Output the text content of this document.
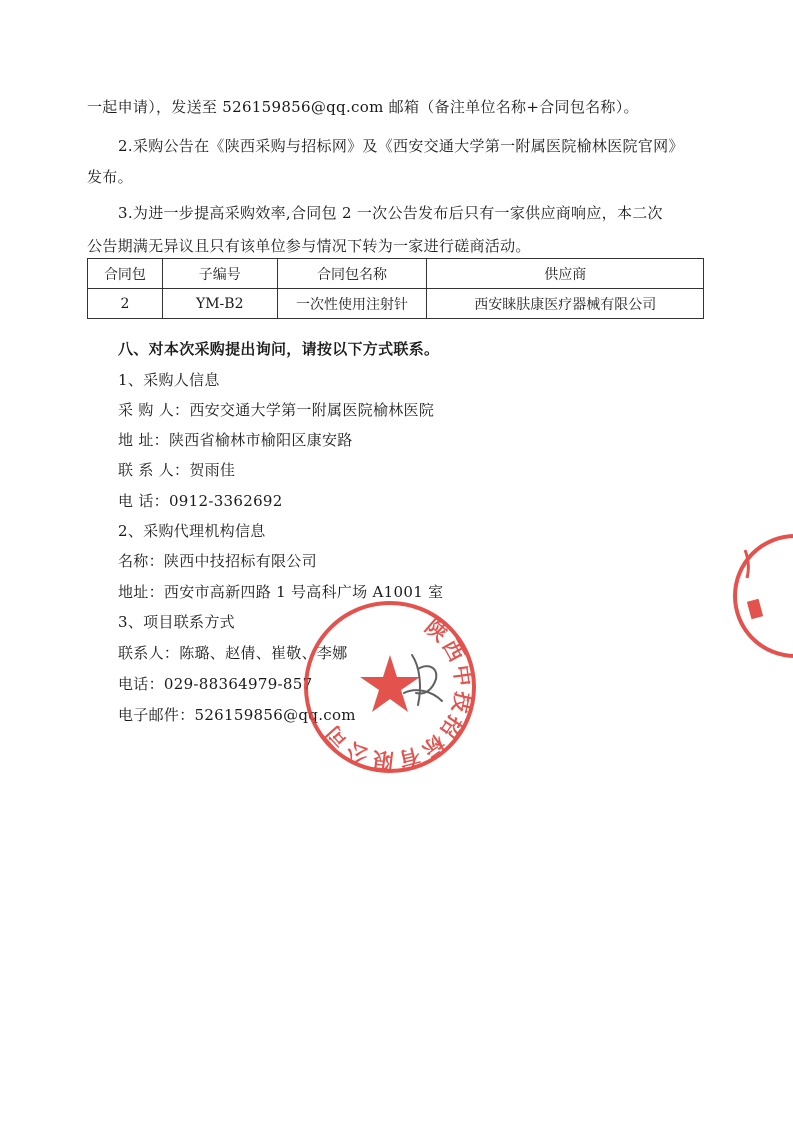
一起申请），发送至 526159856@qq.com 邮箱（备注单位名称+合同包名称）。
2.采购公告在《陕西采购与招标网》及《西安交通大学第一附属医院榆林医院官网》
发布。
3.为进一步提高采购效率,合同包 2 一次公告发布后只有一家供应商响应，本二次
公告期满无异议且只有该单位参与情况下转为一家进行磋商活动。
合同包	子编号	合同包名称	供应商
2	YM-B2	一次性使用注射针	西安睐肤康医疗器械有限公司
八、对本次采购提出询问，请按以下方式联系。
1、采购人信息
采 购 人：西安交通大学第一附属医院榆林医院
地 址：陕西省榆林市榆阳区康安路
联 系 人：贺雨佳
电 话：0912-3362692
2、采购代理机构信息
名称：陕西中技招标有限公司
地址：西安市高新四路 1 号高科广场 A1001 室
3、项目联系方式
联系人：陈璐、赵倩、崔敬、李娜
电话：029-88364979-857
电子邮件：526159856@qq.com
陕西中技招标有限公司
